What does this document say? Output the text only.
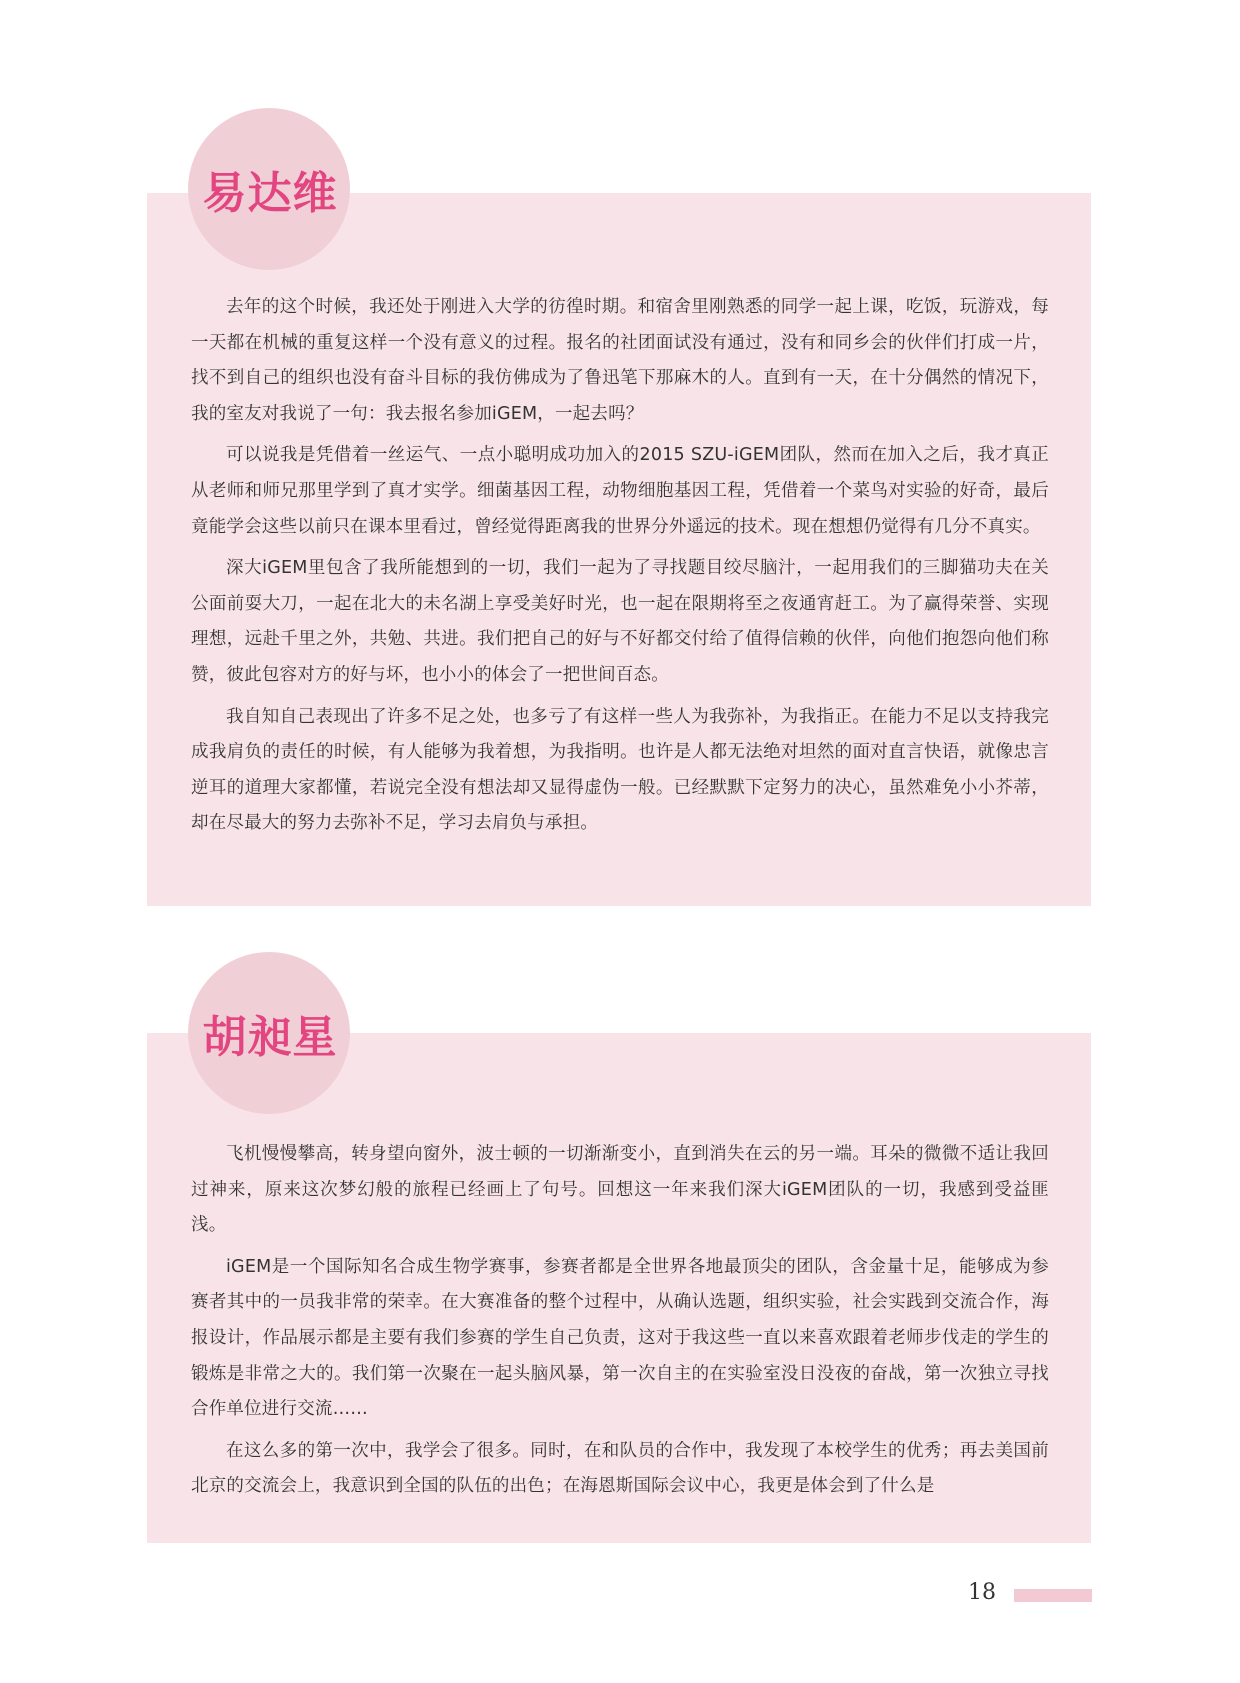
易达维

去年的这个时候，我还处于刚进入大学的彷徨时期。和宿舍里刚熟悉的同学一起上课，吃饭，玩游戏，每一天都在机械的重复这样一个没有意义的过程。报名的社团面试没有通过，没有和同乡会的伙伴们打成一片，找不到自己的组织也没有奋斗目标的我仿佛成为了鲁迅笔下那麻木的人。直到有一天，在十分偶然的情况下，我的室友对我说了一句：我去报名参加iGEM，一起去吗？

可以说我是凭借着一丝运气、一点小聪明成功加入的2015 SZU-iGEM团队，然而在加入之后，我才真正从老师和师兄那里学到了真才实学。细菌基因工程，动物细胞基因工程，凭借着一个菜鸟对实验的好奇，最后竟能学会这些以前只在课本里看过，曾经觉得距离我的世界分外遥远的技术。现在想想仍觉得有几分不真实。

深大iGEM里包含了我所能想到的一切，我们一起为了寻找题目绞尽脑汁，一起用我们的三脚猫功夫在关公面前耍大刀，一起在北大的未名湖上享受美好时光，也一起在限期将至之夜通宵赶工。为了赢得荣誉、实现理想，远赴千里之外，共勉、共进。我们把自己的好与不好都交付给了值得信赖的伙伴，向他们抱怨向他们称赞，彼此包容对方的好与坏，也小小的体会了一把世间百态。

我自知自己表现出了许多不足之处，也多亏了有这样一些人为我弥补，为我指正。在能力不足以支持我完成我肩负的责任的时候，有人能够为我着想，为我指明。也许是人都无法绝对坦然的面对直言快语，就像忠言逆耳的道理大家都懂，若说完全没有想法却又显得虚伪一般。已经默默下定努力的决心，虽然难免小小芥蒂，却在尽最大的努力去弥补不足，学习去肩负与承担。

胡昶星

飞机慢慢攀高，转身望向窗外，波士顿的一切渐渐变小，直到消失在云的另一端。耳朵的微微不适让我回过神来，原来这次梦幻般的旅程已经画上了句号。回想这一年来我们深大iGEM团队的一切，我感到受益匪浅。

iGEM是一个国际知名合成生物学赛事，参赛者都是全世界各地最顶尖的团队，含金量十足，能够成为参赛者其中的一员我非常的荣幸。在大赛准备的整个过程中，从确认选题，组织实验，社会实践到交流合作，海报设计，作品展示都是主要有我们参赛的学生自己负责，这对于我这些一直以来喜欢跟着老师步伐走的学生的锻炼是非常之大的。我们第一次聚在一起头脑风暴，第一次自主的在实验室没日没夜的奋战，第一次独立寻找合作单位进行交流……

在这么多的第一次中，我学会了很多。同时，在和队员的合作中，我发现了本校学生的优秀；再去美国前北京的交流会上，我意识到全国的队伍的出色；在海恩斯国际会议中心，我更是体会到了什么是

18
